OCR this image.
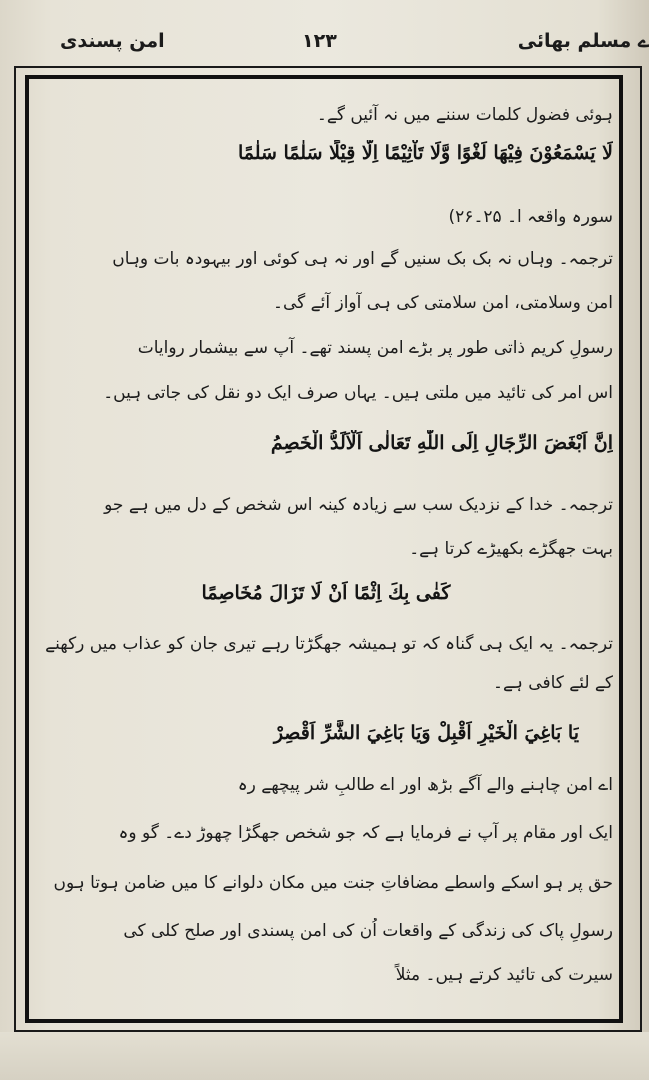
امن پسندی	١٢٣	ے مسلم بھائی
ہوئی فضول کلمات سننے میں نہ آئیں گے۔
لَا يَسْمَعُوْنَ فِيْهَا لَغْوًا وَّلَا تَاْثِيْمًا اِلَّا قِيْلًا سَلٰمًا سَلٰمًا
سورہ واقعہ ا۔ ۲۵۔۲۶)
ترجمہ۔ وہاں نہ بک بک سنیں گے اور نہ ہی کوئی اور بیہودہ بات وہاں
امن وسلامتی، امن سلامتی کی ہی آواز آئے گی۔
رسولِ کریم ذاتی طور پر بڑے امن پسند تھے۔ آپ سے بیشمار روایات
اس امر کی تائید میں ملتی ہیں۔ یہاں صرف ایک دو نقل کی جاتی ہیں۔
اِنَّ اَبْغَضَ الرِّجَالِ اِلَى اللّٰهِ تَعَالٰى اَلْاَلَدُّ الْخَصِمُ
ترجمہ۔ خدا کے نزدیک سب سے زیادہ کینہ اس شخص کے دل میں ہے جو
بہت جھگڑے بکھیڑے کرتا ہے۔
كَفٰى بِكَ اِثْمًا اَنْ لَا تَزَالَ مُخَاصِمًا
ترجمہ۔ یہ ایک ہی گناہ کہ تو ہمیشہ جھگڑتا رہے تیری جان کو عذاب میں رکھنے
کے لئے کافی ہے۔
يَا بَاغِيَ الْخَيْرِ اَقْبِلْ وَيَا بَاغِيَ الشَّرِّ اَقْصِرْ
اے امن چاہنے والے آگے بڑھ اور اے طالبِ شر پیچھے رہ
ایک اور مقام پر آپ نے فرمایا ہے کہ جو شخص جھگڑا چھوڑ دے۔ گو وہ
حق پر ہو اسکے واسطے مضافاتِ جنت میں مکان دلوانے کا میں ضامن ہوتا ہوں
رسولِ پاک کی زندگی کے واقعات اُن کی امن پسندی اور صلح کلی کی
سیرت کی تائید کرتے ہیں۔ مثلاً
